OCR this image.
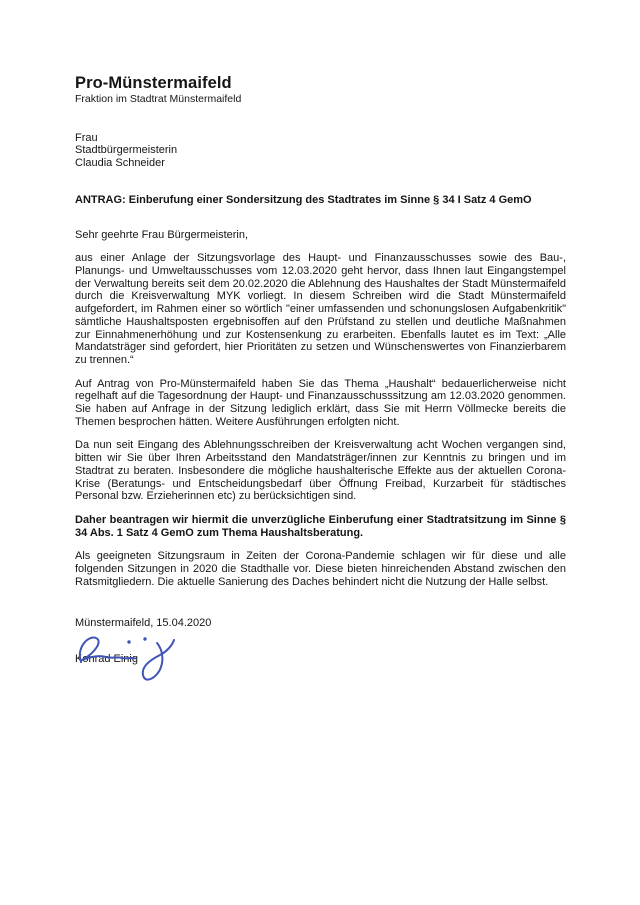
Pro-Münstermaifeld
Fraktion im Stadtrat Münstermaifeld
Frau
Stadtbürgermeisterin
Claudia Schneider
ANTRAG: Einberufung einer Sondersitzung des Stadtrates im Sinne § 34 I Satz 4 GemO
Sehr geehrte Frau Bürgermeisterin,

aus einer Anlage der Sitzungsvorlage des Haupt- und Finanzausschusses sowie des Bau-, Planungs- und Umweltausschusses vom 12.03.2020 geht hervor, dass Ihnen laut Eingangstempel der Verwaltung bereits seit dem 20.02.2020 die Ablehnung des Haushaltes der Stadt Münstermaifeld durch die Kreisverwaltung MYK vorliegt. In diesem Schreiben wird die Stadt Münstermaifeld aufgefordert, im Rahmen einer so wörtlich "einer umfassenden und schonungslosen Aufgabenkritik" sämtliche Haushaltsposten ergebnisoffen auf den Prüfstand zu stellen und deutliche Maßnahmen zur Einnahmenerhöhung und zur Kostensenkung zu erarbeiten. Ebenfalls lautet es im Text: „Alle Mandatsträger sind gefordert, hier Prioritäten zu setzen und Wünschenswertes von Finanzierbarem zu trennen.“

Auf Antrag von Pro-Münstermaifeld haben Sie das Thema „Haushalt“ bedauerlicherweise nicht regelhaft auf die Tagesordnung der Haupt- und Finanzausschusssitzung am 12.03.2020 genommen. Sie haben auf Anfrage in der Sitzung lediglich erklärt, dass Sie mit Herrn Völlmecke bereits die Themen besprochen hätten. Weitere Ausführungen erfolgten nicht.

Da nun seit Eingang des Ablehnungsschreiben der Kreisverwaltung acht Wochen vergangen sind, bitten wir Sie über Ihren Arbeitsstand den Mandatsträger/innen zur Kenntnis zu bringen und im Stadtrat zu beraten. Insbesondere die mögliche haushalterische Effekte aus der aktuellen Corona-Krise (Beratungs- und Entscheidungsbedarf über Öffnung Freibad, Kurzarbeit für städtisches Personal bzw. Erzieherinnen etc) zu berücksichtigen sind.

Daher beantragen wir hiermit die unverzügliche Einberufung einer Stadtratsitzung im Sinne § 34 Abs. 1 Satz 4 GemO zum Thema Haushaltsberatung.

Als geeigneten Sitzungsraum in Zeiten der Corona-Pandemie schlagen wir für diese und alle folgenden Sitzungen in 2020 die Stadthalle vor. Diese bieten hinreichenden Abstand zwischen den Ratsmitgliedern. Die aktuelle Sanierung des Daches behindert nicht die Nutzung der Halle selbst.

Münstermaifeld, 15.04.2020
Konrad Einig
